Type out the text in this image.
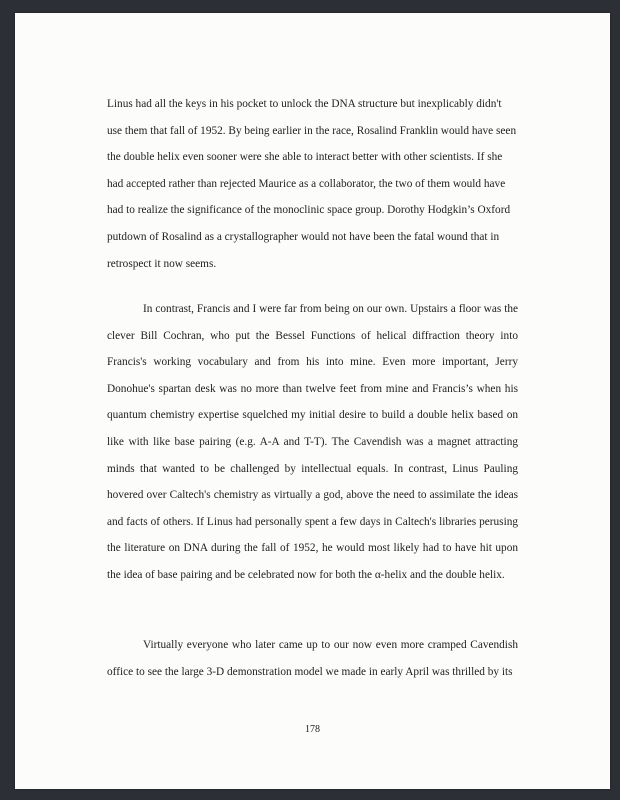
Linus had all the keys in his pocket to unlock the DNA structure but inexplicably didn't use them that fall of 1952. By being earlier in the race, Rosalind Franklin would have seen the double helix even sooner were she able to interact better with other scientists. If she had accepted rather than rejected Maurice as a collaborator, the two of them would have had to realize the significance of the monoclinic space group. Dorothy Hodgkin’s Oxford putdown of Rosalind as a crystallographer would not have been the fatal wound that in retrospect it now seems.

In contrast, Francis and I were far from being on our own. Upstairs a floor was the clever Bill Cochran, who put the Bessel Functions of helical diffraction theory into Francis's working vocabulary and from his into mine. Even more important, Jerry Donohue's spartan desk was no more than twelve feet from mine and Francis’s when his quantum chemistry expertise squelched my initial desire to build a double helix based on like with like base pairing (e.g. A-A and T-T). The Cavendish was a magnet attracting minds that wanted to be challenged by intellectual equals. In contrast, Linus Pauling hovered over Caltech's chemistry as virtually a god, above the need to assimilate the ideas and facts of others. If Linus had personally spent a few days in Caltech's libraries perusing the literature on DNA during the fall of 1952, he would most likely had to have hit upon the idea of base pairing and be celebrated now for both the α-helix and the double helix.

Virtually everyone who later came up to our now even more cramped Cavendish office to see the large 3-D demonstration model we made in early April was thrilled by its

178
